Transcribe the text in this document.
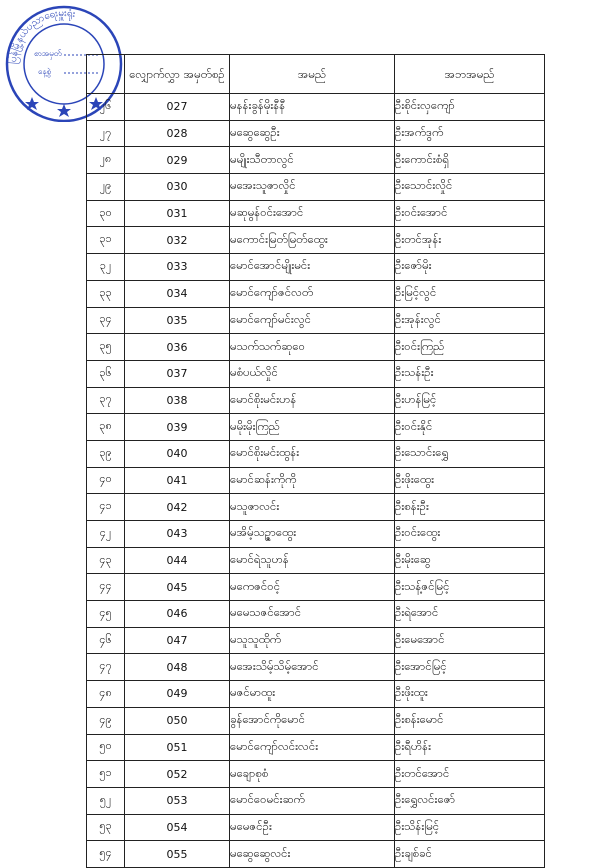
ပြန်မြို့နယ်ပညာရေးမှူးရုံး
စာအမှတ်
နေ့စွဲ
		လျှောက်လွှာ အမှတ်စဉ်	အမည်	အဘအမည်
၂၆	027	မနန်းခွန်မိုးနီနီ	ဦးစိုင်းလှကျော်
၂၇	028	မဆွေဆွေဦး	ဦးအက်ဒွက်
၂၈	029	မမျိုးသီတာလွင်	ဦးကောင်းစံရှိ
၂၉	030	မအေးသူဇာလှိုင်	ဦးသောင်းလှိုင်
၃၀	031	မဆုမွန်ဝင်းအောင်	ဦးဝင်းအောင်
၃၁	032	မကောင်းမြတ်မြတ်ထွေး	ဦးတင်အုန်း
၃၂	033	မောင်အောင်မျိုးမင်း	ဦးဇော်မိုး
၃၃	034	မောင်ကျော်ဇင်လတ်	ဦးမြင့်လွင်
၃၄	035	မောင်ကျော်မင်းလွင်	ဦးအုန်းလွင်
၃၅	036	မသက်သက်ဆုဝေ	ဦးဝင်းကြည်
၃၆	037	မစံပယ်လှိုင်	ဦးသန်းဦး
၃၇	038	မောင်စိုးမင်းဟန်	ဦးဟန်မြင့်
၃၈	039	မမိုးမိုးကြည်	ဦးဝင်းနိုင်
၃၉	040	မောင်စိုးမင်းထွန်း	ဦးသောင်းရွှေ
၄၀	041	မောင်ဆန်းကိုကို	ဦးဖိုးထွေး
၄၁	042	မသူဇာလင်း	ဦးစန်းဦး
၄၂	043	မအိမ့်သဥ္ဇာထွေး	ဦးဝင်းထွေး
၄၃	044	မောင်ရဲသူဟန်	ဦးမိုးဆွေ
၄၄	045	မကေဇင်ဝင့်	ဦးသန့်ဇင်မြင့်
၄၅	046	မမေသဇင်အောင်	ဦးရဲအောင်
၄၆	047	မသူသူထိုက်	ဦးမေအောင်
၄၇	048	မအေးသိမ့်သိမ့်အောင်	ဦးအောင်မြင့်
၄၈	049	မဇင်မာထူး	ဦးဖိုးထူး
၄၉	050	ခွန်အောင်ကိုမောင်	ဦးစန်းမောင်
၅၀	051	မောင်ကျော်လင်းလင်း	ဦးရီဟိန်း
၅၁	052	မချောစုစံ	ဦးတင်အောင်
၅၂	053	မောင်ဝေမင်းဆက်	ဦးရွှေလင်းဇော်
၅၃	054	မမေဇင်ဦး	ဦးသိန်းမြင့်
၅၄	055	မဆွေဆွေလင်း	ဦးချစ်ခင်
